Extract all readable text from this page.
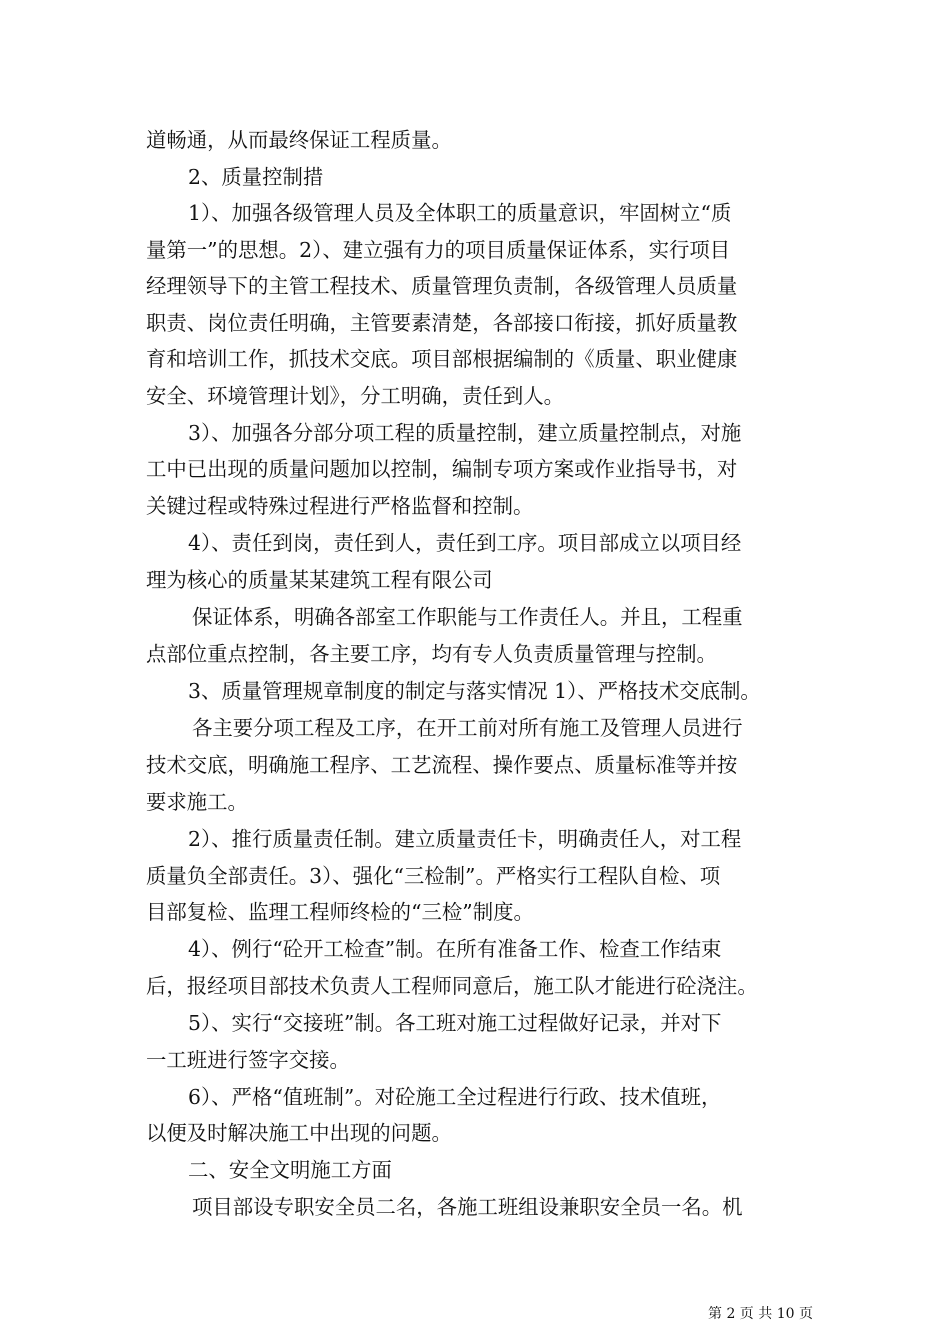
道畅通，从而最终保证工程质量。
2、质量控制措
1）、加强各级管理人员及全体职工的质量意识，牢固树立“质
量第一”的思想。2）、建立强有力的项目质量保证体系，实行项目
经理领导下的主管工程技术、质量管理负责制，各级管理人员质量
职责、岗位责任明确，主管要素清楚，各部接口衔接，抓好质量教
育和培训工作，抓技术交底。项目部根据编制的《质量、职业健康
安全、环境管理计划》，分工明确，责任到人。
3）、加强各分部分项工程的质量控制，建立质量控制点，对施
工中已出现的质量问题加以控制，编制专项方案或作业指导书，对
关键过程或特殊过程进行严格监督和控制。
4）、责任到岗，责任到人，责任到工序。项目部成立以项目经
理为核心的质量某某建筑工程有限公司
保证体系，明确各部室工作职能与工作责任人。并且，工程重
点部位重点控制，各主要工序，均有专人负责质量管理与控制。
3、质量管理规章制度的制定与落实情况 1）、严格技术交底制。
各主要分项工程及工序，在开工前对所有施工及管理人员进行
技术交底，明确施工程序、工艺流程、操作要点、质量标准等并按
要求施工。
2）、推行质量责任制。建立质量责任卡，明确责任人，对工程
质量负全部责任。3）、强化“三检制”。严格实行工程队自检、项
目部复检、监理工程师终检的“三检”制度。
4）、例行“砼开工检查”制。在所有准备工作、检查工作结束
后，报经项目部技术负责人工程师同意后，施工队才能进行砼浇注。
5）、实行“交接班”制。各工班对施工过程做好记录，并对下
一工班进行签字交接。
6）、严格“值班制”。对砼施工全过程进行行政、技术值班，
以便及时解决施工中出现的问题。
二、安全文明施工方面
项目部设专职安全员二名，各施工班组设兼职安全员一名。机
第 2 页 共 10 页
